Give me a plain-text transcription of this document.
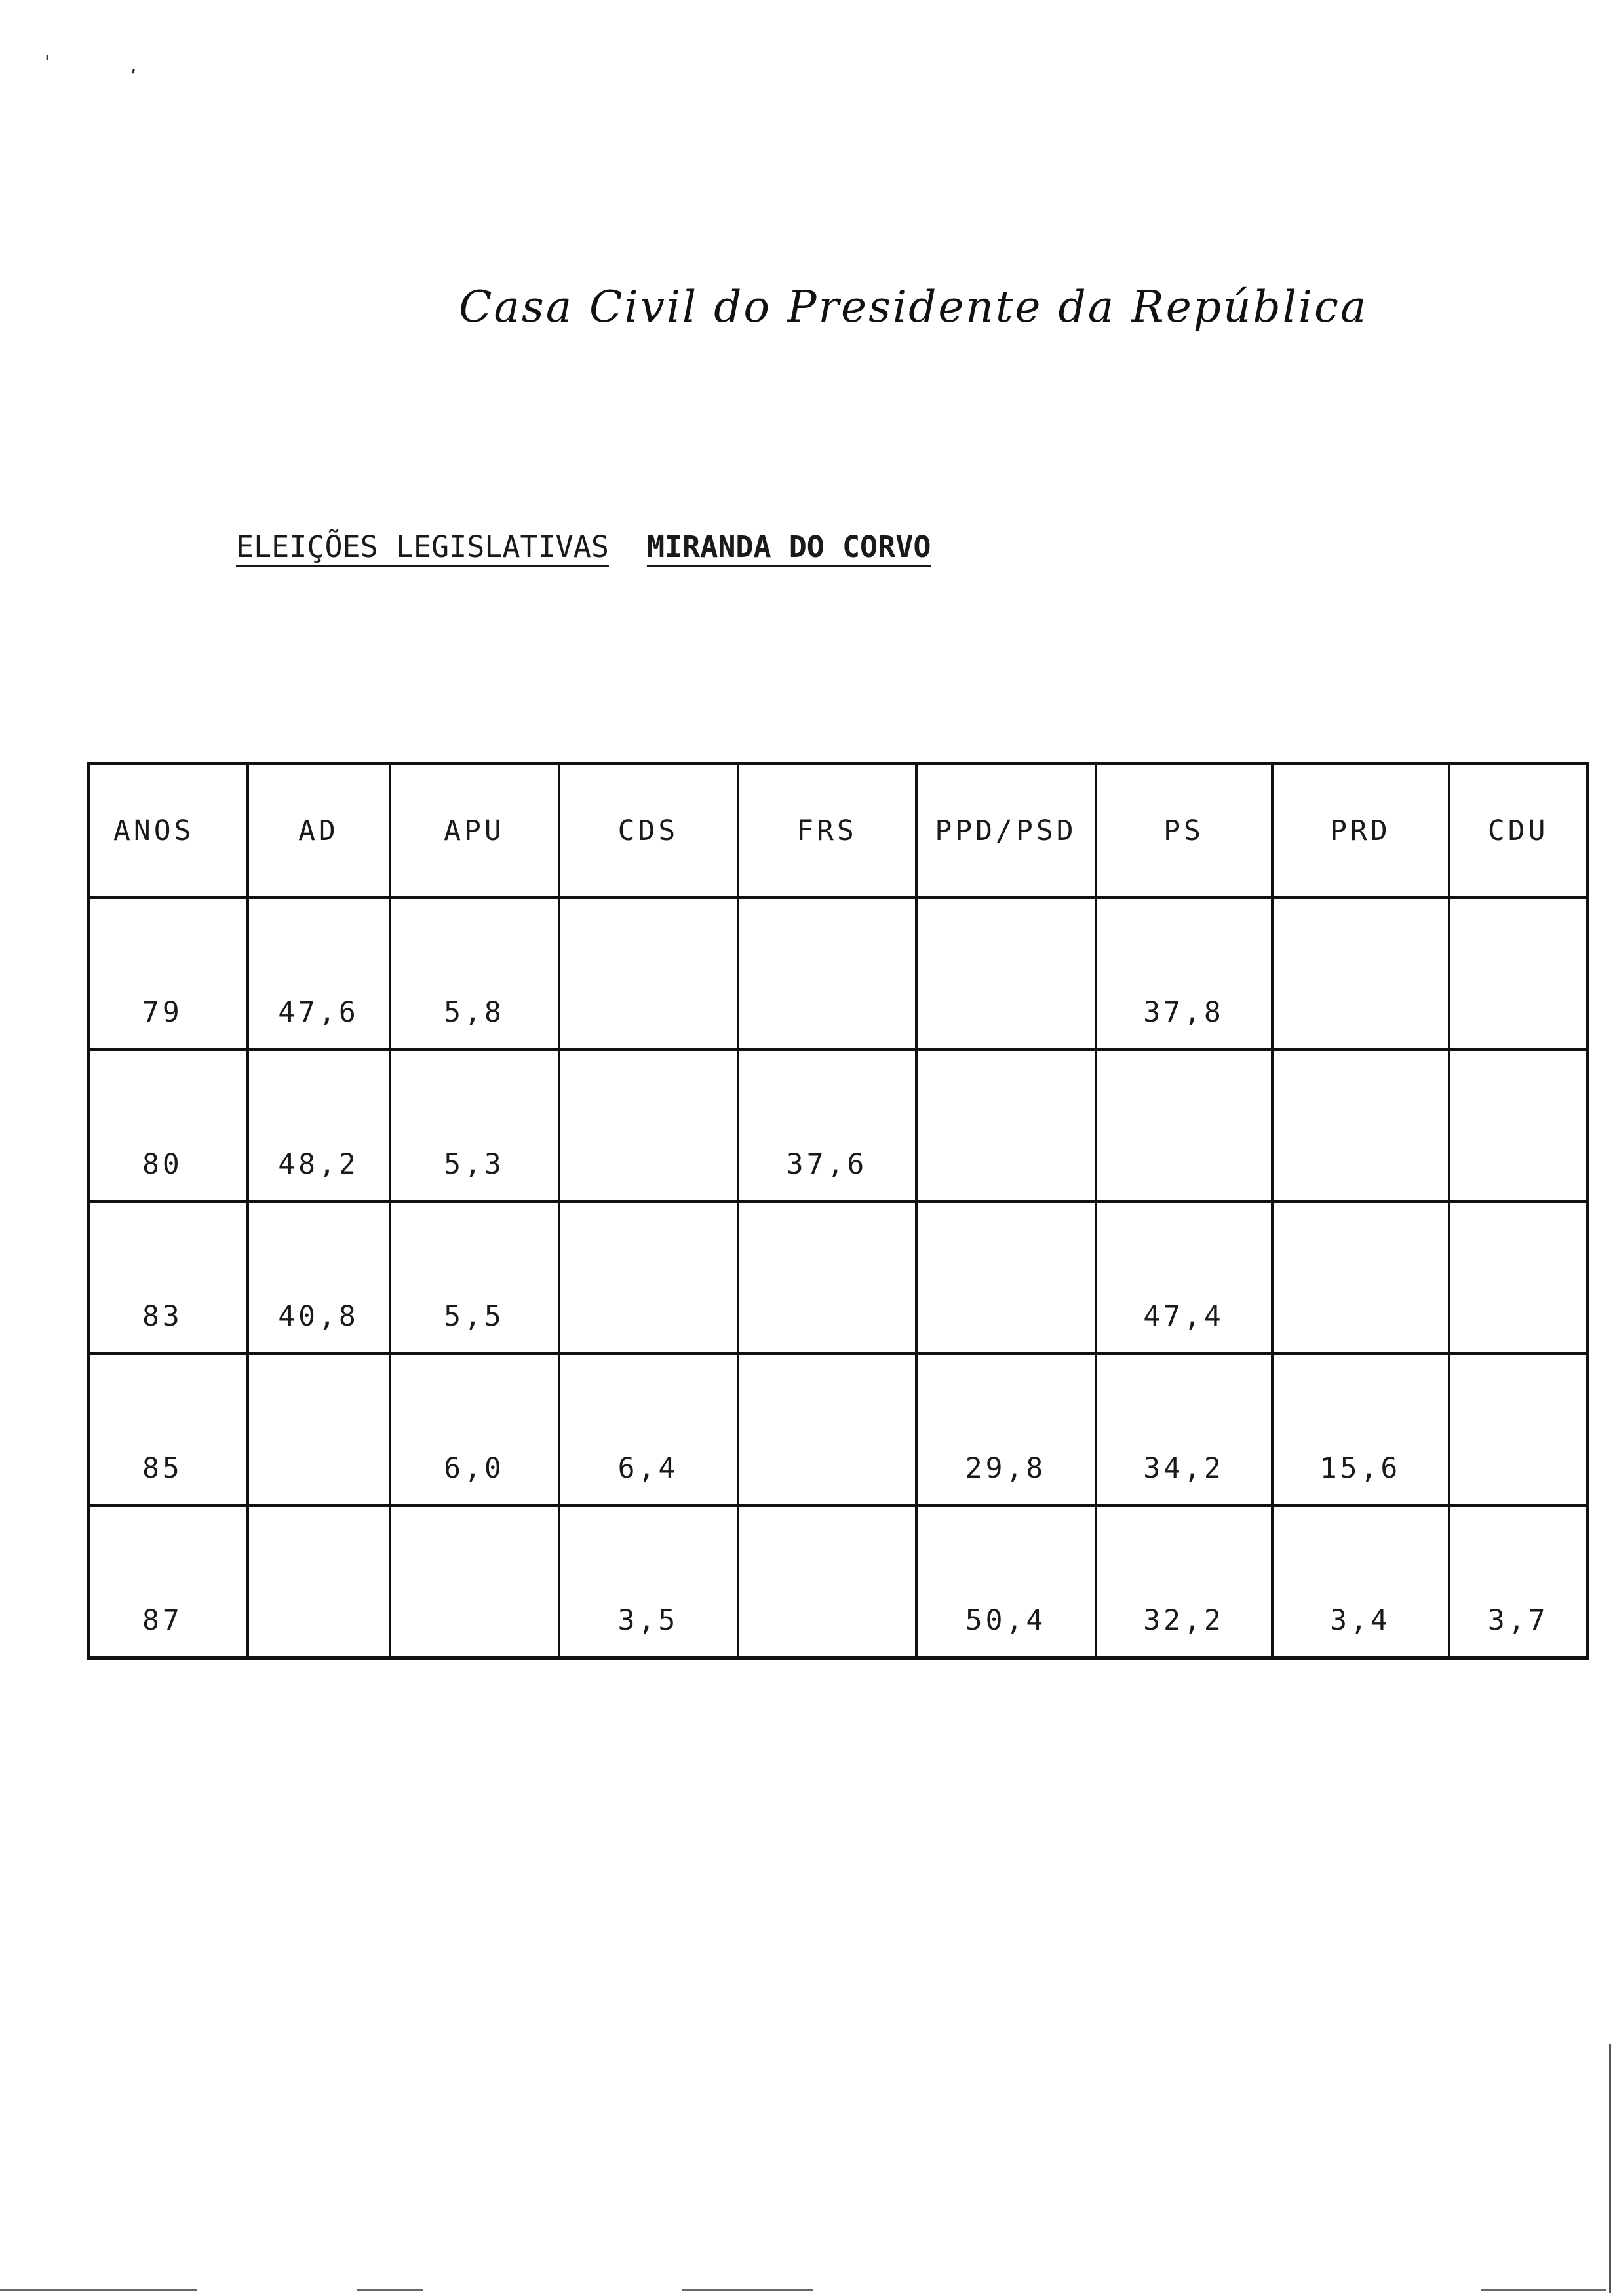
'	,
Casa Civil do Presidente da República
ELEIÇÕES LEGISLATIVAS MIRANDA DO CORVO
ANOS	AD	APU	CDS	FRS	PPD/PSD	PS	PRD	CDU
79	47,6	5,8				37,8		
80	48,2	5,3		37,6				
83	40,8	5,5				47,4		
85		6,0	6,4		29,8	34,2	15,6	
87			3,5		50,4	32,2	3,4	3,7
